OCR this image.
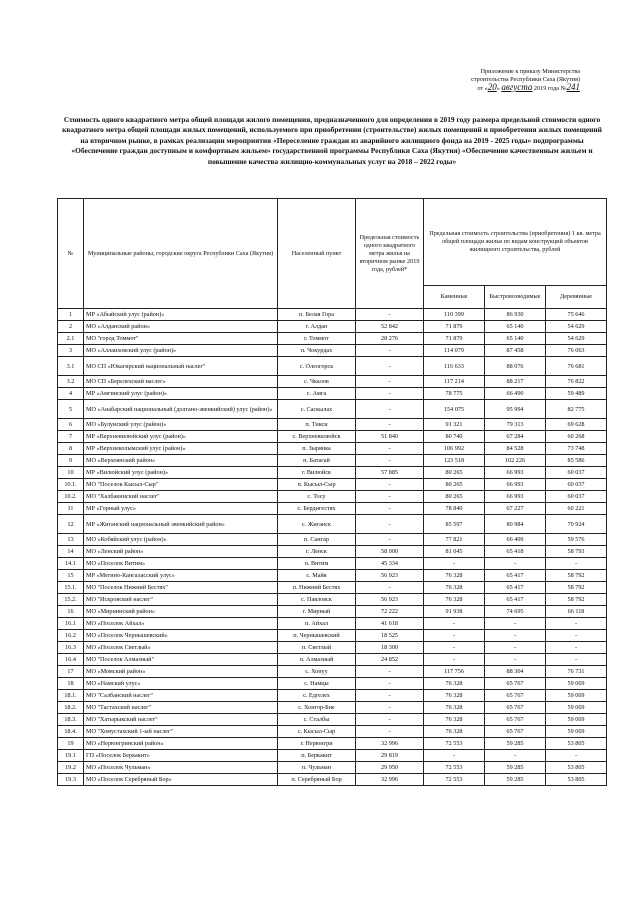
Приложение к приказу Министерства
строительства Республики Саха (Якутия)
от «20» августа 2019 года №241
Стоимость одного квадратного метра общей площади жилого помещения, предназначенного для определения в 2019 году размера предельной стоимости одного квадратного метра общей площади жилых помещений, используемого при приобретении (строительстве) жилых помещений и приобретения жилых помещений на вторичном рынке, в рамках реализации мероприятия «Переселение граждан из аварийного жилищного фонда на 2019 - 2025 годы» подпрограммы «Обеспечение граждан доступным и комфортным жильем» государственной программы Республики Саха (Якутия) «Обеспечение качественным жильем и повышение качества жилищно-коммунальных услуг на 2018 – 2022 годы»
№	Муниципальные районы, городские округа Республики Саха (Якутия)	Населенный пункт	Предельная стоимость одного квадратного метра жилья на вторичном рынке 2019 года, рублей*	Предельная стоимость строительства (приобретения) 1 кв. метра общей площади жилья по видам конструкций объектов жилищного строительства, рублей		
				Каменные	Быстровозводимые	Деревянные
1	МР «Абыйский улус (район)»	п. Белая Гора	-	110 399	86 930	75 646
2	МО «Алданский район»	г. Алдан	52 842	71 879	65 140	54 629
2.1	МО "город Томмот"	г. Томмот	28 276	71 879	65 140	54 629
3	МО «Аллаиховский улус (район)»	п. Чокурдах	-	114 079	87 458	76 063
3.1	МО СП «Юкагирский национальный наслег"	с. Олеогорск	-	116 633	88 076	76 681
3.2	МО СП «Берелехский наслег»	с. Чкалов	-	117 214	88 217	76 822
4	МР «Амгинский улус (район)»	с. Амга	-	78 775	66 490	59 489
5	МО «Анабарский национальный (долгано-эвенкийский) улус (район)»	с. Саскылах	-	154 075	95 994	82 775
6	МО «Булунский улус (район)»	п. Тикси	-	91 321	79 313	69 628
7	МР «Верхневилюйский улус (район)»	с. Верхневилюйск	51 840	80 740	67 284	60 268
8	МР «Верхнеколымский улус (район)»	п. Зырянка	-	106 992	84 528	73 748
9	МО «Верхоянский район»	п. Батагай	-	123 518	102 226	85 586
10	МР «Вилюйский улус (район)»	г. Вилюйск	57 885	80 265	66 993	60 037
10.1.	МО "Поселок Кысыл-Сыр"	п. Кысыл-Сыр	-	80 265	66 993	60 037
10.2.	МО "Халбакинский наслег"	с. Тосу	-	80 265	66 993	60 037
11	МР «Горный улус»	с. Бердигестях	-	78 840	67 227	60 221
12	МР «Жиганский национальный эвенкийский район»	с. Жиганск	-	85 597	80 984	70 924
13	МО «Кобяйский улус (район)»	п. Сангар	-	77 821	66 409	59 576
14	МО «Ленский район»	г. Ленск	58 000	81 045	65 418	58 793
14.1	МО «Поселок Витим»	п. Витим	45 334	-	-	-
15	МР «Мегино-Кангаласский улус»	с. Майя	56 923	76 328	65 417	58 792
15.1.	МО "Поселок Нижний Бестях"	п. Нижний Бестях	-	76 328	65 417	58 792
15.2.	МО "Искровский наслег"	с. Павловск	56 923	76 328	65 417	58 792
16	МО «Мирнинский район»	г. Мирный	72 222	91 938	74 695	66 118
16.1	МО «Поселок Айхал»	п. Айхал	41 618	-	-	-
16.2	МО «Поселок Чернышевский»	п. Чернышевский	18 525	-	-	-
16.3	МО «Поселок Светлый»	п. Светлый	18 300	-	-	-
16.4	МО "Поселок Алмазный"	п. Алмазный	24 852	-	-	-
17	МО «Момский район»	с. Хонуу	-	117 756	88 304	76 731
18	МО «Намский улус»	с. Намцы	-	76 328	65 767	59 069
18.1.	МО "Салбанский наслег"	с. Едгелех	-	76 328	65 767	59 069
18.2.	МО "Тастахский наслег"	с. Хонгор-Бие	-	76 328	65 767	59 069
18.3.	МО "Хатырыкский наслег"	с. Сталбы	-	76 328	65 767	59 069
18.4.	МО "Хомустахский 1-ый наслег"	с. Кысыл-Сыр	-	76 328	65 767	59 069
19	МО «Нерюнгринский район»	г. Нерюнгри	32 996	72 553	59 285	53 805
19.1	ГП «Поселок Беркакит»	п. Беркакит	29 819	-	-	-
19.2	МО «Поселок Чульман»	п. Чульман	29 950	72 553	59 285	53 805
19.3	МО «Поселок Серебряный Бор»	п. Серебряный Бор	32 996	72 553	59 285	53 805
